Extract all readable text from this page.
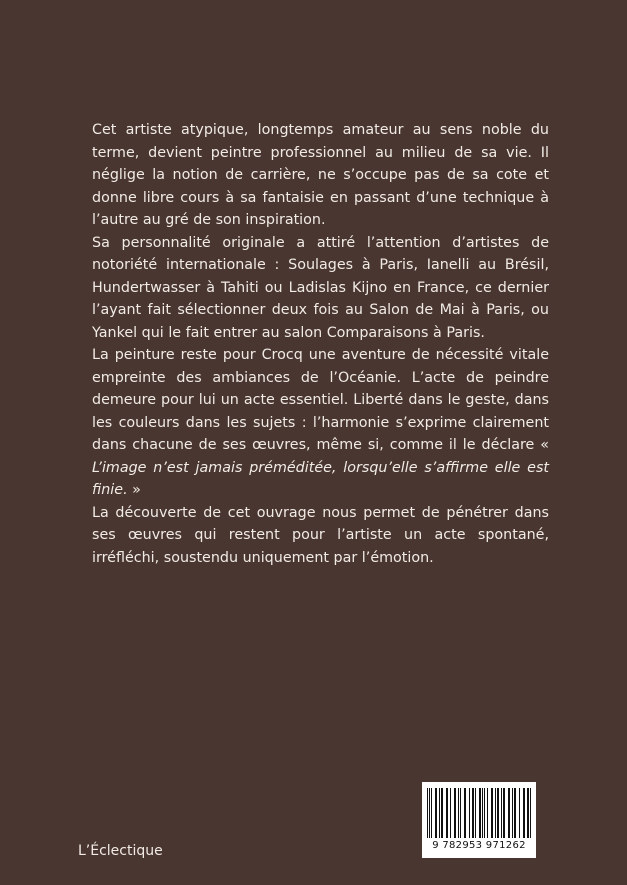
Cet artiste atypique, longtemps amateur au sens noble du terme, devient peintre professionnel au milieu de sa vie. Il néglige la notion de carrière, ne s’occupe pas de sa cote et donne libre cours à sa fantaisie en passant d’une technique à l’autre au gré de son inspiration.

Sa personnalité originale a attiré l’attention d’artistes de notoriété internationale : Soulages à Paris, Ianelli au Brésil, Hundertwasser à Tahiti ou Ladislas Kijno en France, ce dernier l’ayant fait sélectionner deux fois au Salon de Mai à Paris, ou Yankel qui le fait entrer au salon Comparaisons à Paris.

La peinture reste pour Crocq une aventure de nécessité vitale empreinte des ambiances de l’Océanie. L’acte de peindre demeure pour lui un acte essentiel. Liberté dans le geste, dans les couleurs dans les sujets : l’harmonie s’exprime clairement dans chacune de ses œuvres, même si, comme il le déclare « L’image n’est jamais préméditée, lorsqu’elle s’affirme elle est finie. »

La découverte de cet ouvrage nous permet de pénétrer dans ses œuvres qui restent pour l’artiste un acte spontané, irréfléchi, soustendu uniquement par l’émotion.

L’Éclectique	9 782953 971262
